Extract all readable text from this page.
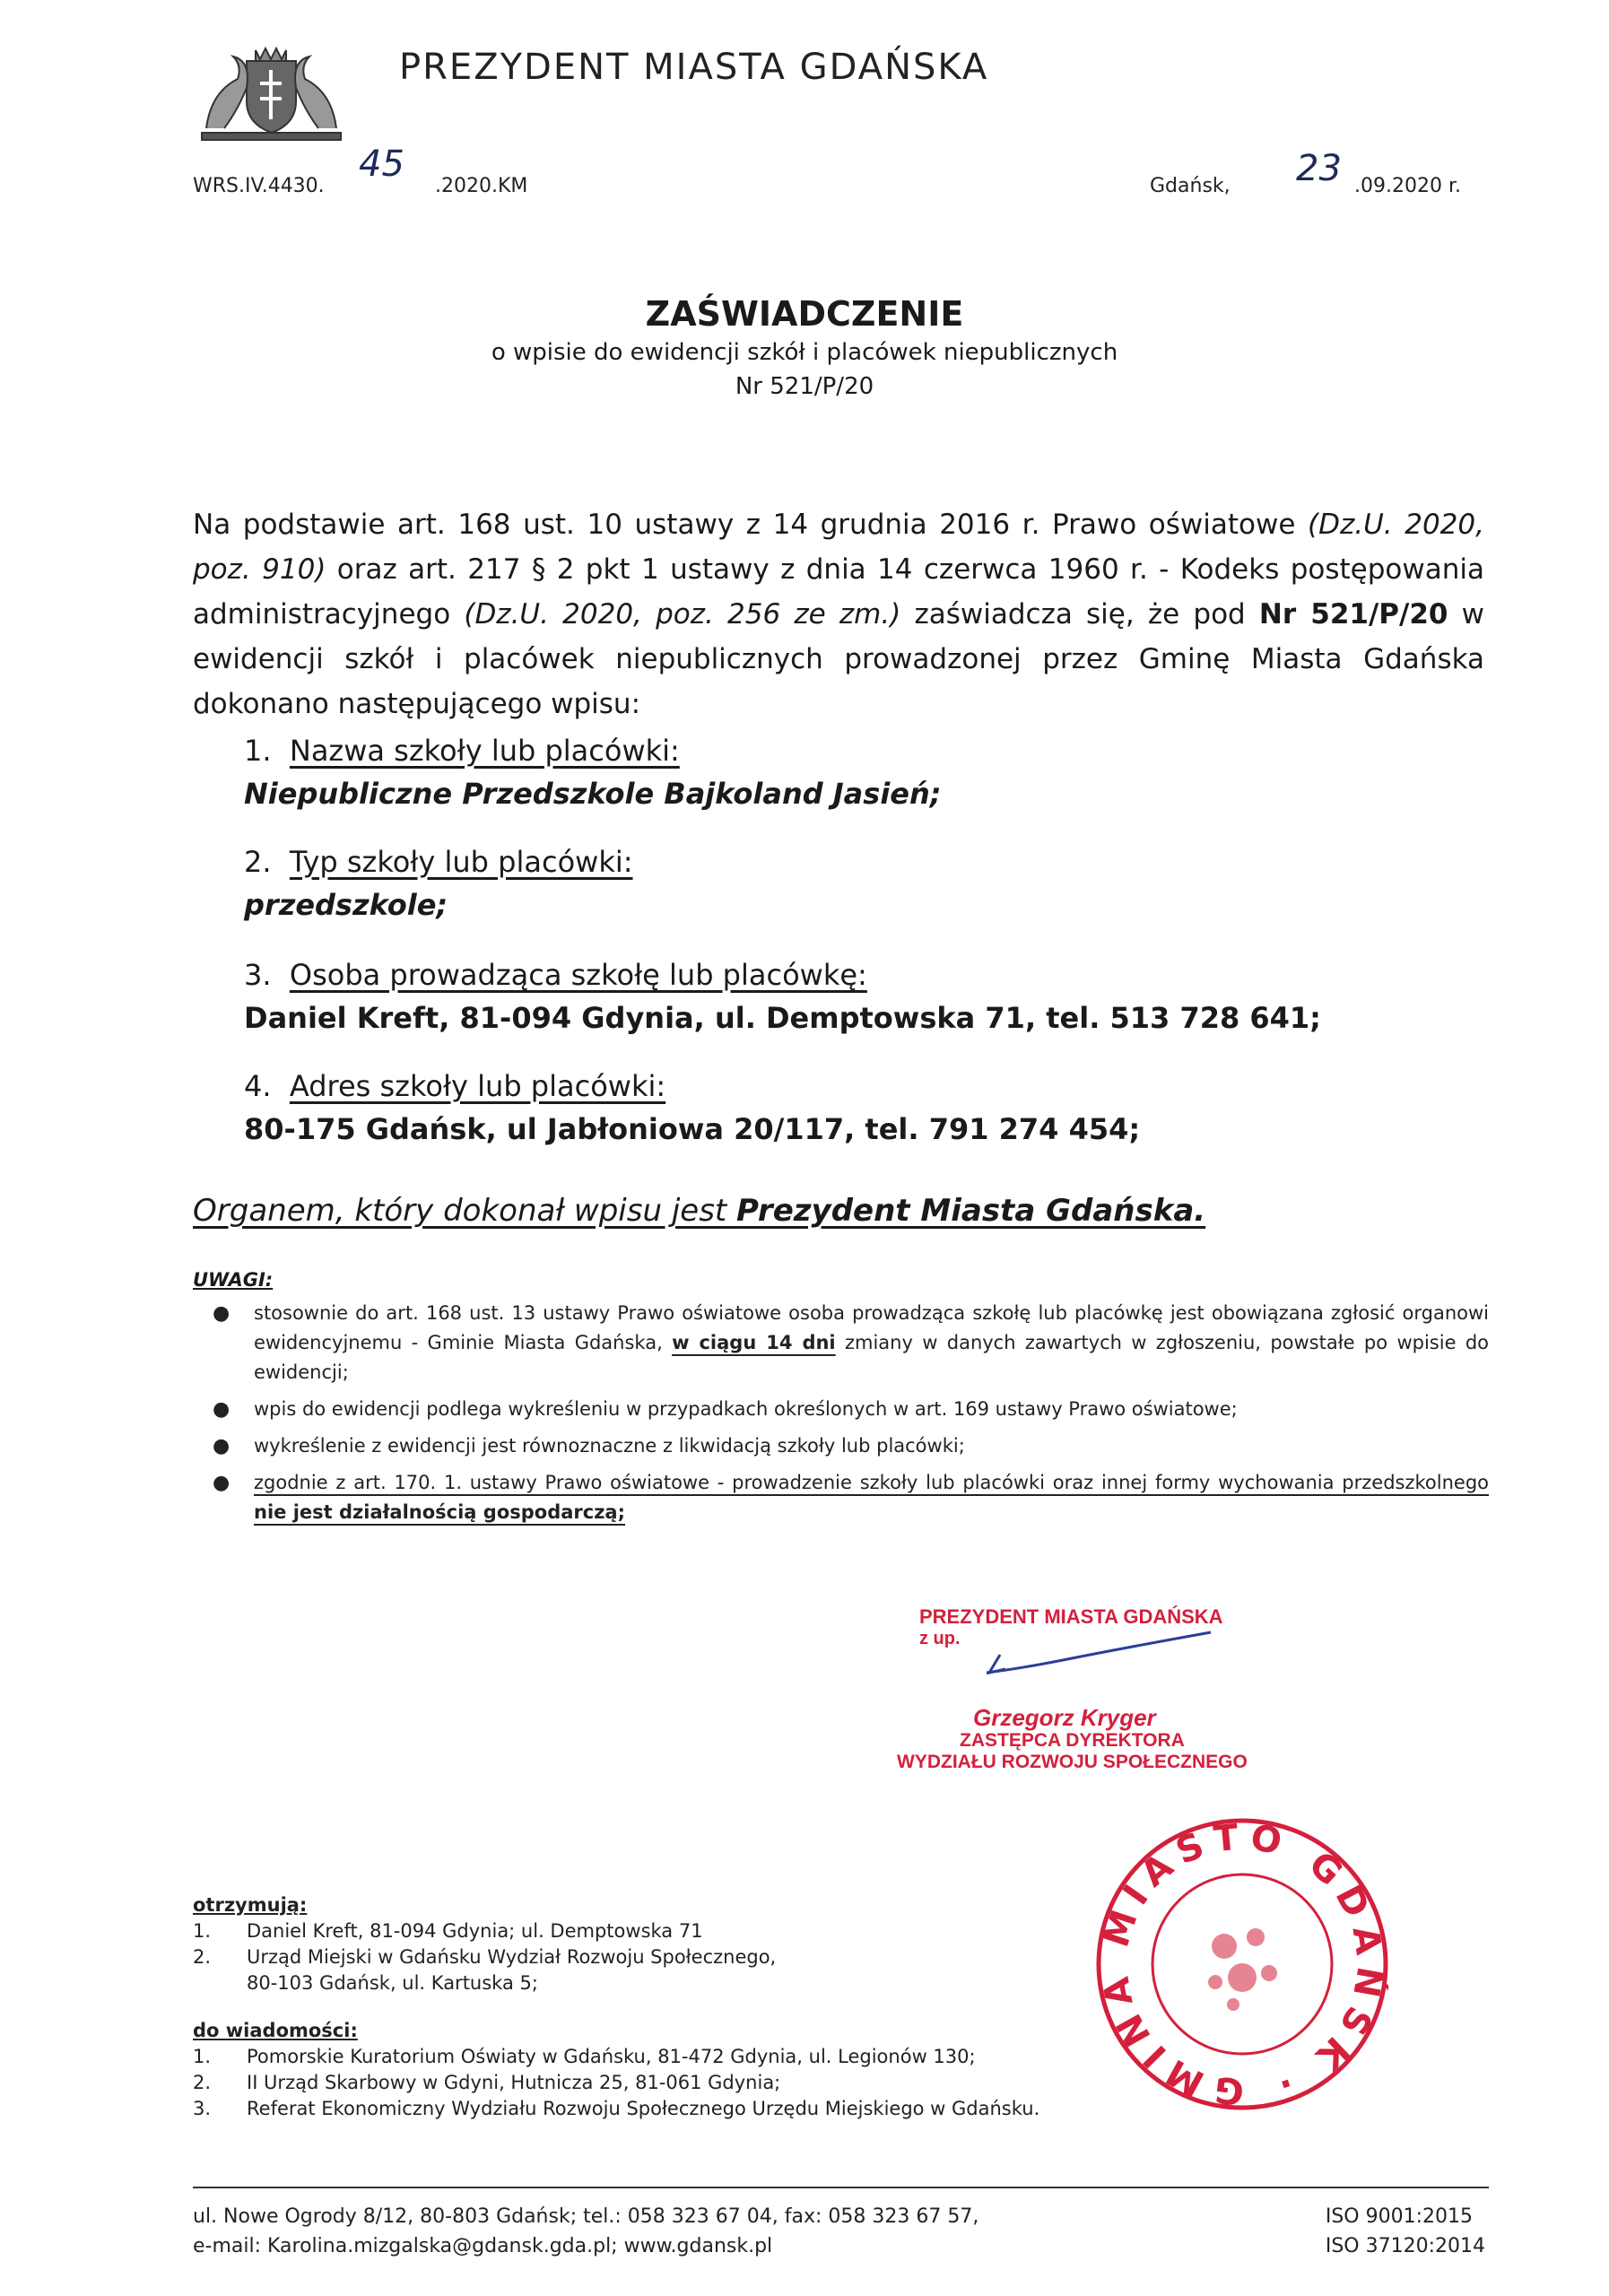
PREZYDENT MIASTA GDAŃSKA
WRS.IV.4430.
45
.2020.KM	Gdańsk, 23 .09.2020 r.
ZAŚWIADCZENIE
o wpisie do ewidencji szkół i placówek niepublicznych
Nr 521/P/20
Na podstawie art. 168 ust. 10 ustawy z 14 grudnia 2016 r. Prawo oświatowe (Dz.U. 2020, poz. 910) oraz art. 217 § 2 pkt 1 ustawy z dnia 14 czerwca 1960 r. - Kodeks postępowania administracyjnego (Dz.U. 2020, poz. 256 ze zm.) zaświadcza się, że pod Nr 521/P/20 w ewidencji szkół i placówek niepublicznych prowadzonej przez Gminę Miasta Gdańska dokonano następującego wpisu:
1. Nazwa szkoły lub placówki:
Niepubliczne Przedszkole Bajkoland Jasień;
2. Typ szkoły lub placówki:
przedszkole;
3. Osoba prowadząca szkołę lub placówkę:
Daniel Kreft, 81-094 Gdynia, ul. Demptowska 71, tel. 513 728 641;
4. Adres szkoły lub placówki:
80-175 Gdańsk, ul Jabłoniowa 20/117, tel. 791 274 454;
Organem, który dokonał wpisu jest Prezydent Miasta Gdańska.
UWAGI:
● stosownie do art. 168 ust. 13 ustawy Prawo oświatowe osoba prowadząca szkołę lub placówkę jest obowiązana zgłosić organowi ewidencyjnemu - Gminie Miasta Gdańska, w ciągu 14 dni zmiany w danych zawartych w zgłoszeniu, powstałe po wpisie do ewidencji;
● wpis do ewidencji podlega wykreśleniu w przypadkach określonych w art. 169 ustawy Prawo oświatowe;
● wykreślenie z ewidencji jest równoznaczne z likwidacją szkoły lub placówki;
● zgodnie z art. 170. 1. ustawy Prawo oświatowe - prowadzenie szkoły lub placówki oraz innej formy wychowania przedszkolnego nie jest działalnością gospodarczą;
PREZYDENT MIASTA GDAŃSKA
z up.
Grzegorz Kryger
ZASTĘPCA DYREKTORA
WYDZIAŁU ROZWOJU SPOŁECZNEGO
MIASTO GDAŃSK · GMINA
otrzymują:
1.	Daniel Kreft, 81-094 Gdynia; ul. Demptowska 71
2.	Urząd Miejski w Gdańsku Wydział Rozwoju Społecznego,
80-103 Gdańsk, ul. Kartuska 5;
do wiadomości:
1.	Pomorskie Kuratorium Oświaty w Gdańsku, 81-472 Gdynia, ul. Legionów 130;
2.	II Urząd Skarbowy w Gdyni, Hutnicza 25, 81-061 Gdynia;
3.	Referat Ekonomiczny Wydziału Rozwoju Społecznego Urzędu Miejskiego w Gdańsku.
ul. Nowe Ogrody 8/12, 80-803 Gdańsk; tel.: 058 323 67 04, fax: 058 323 67 57,
e-mail: Karolina.mizgalska@gdansk.gda.pl; www.gdansk.pl
ISO 9001:2015
ISO 37120:2014
